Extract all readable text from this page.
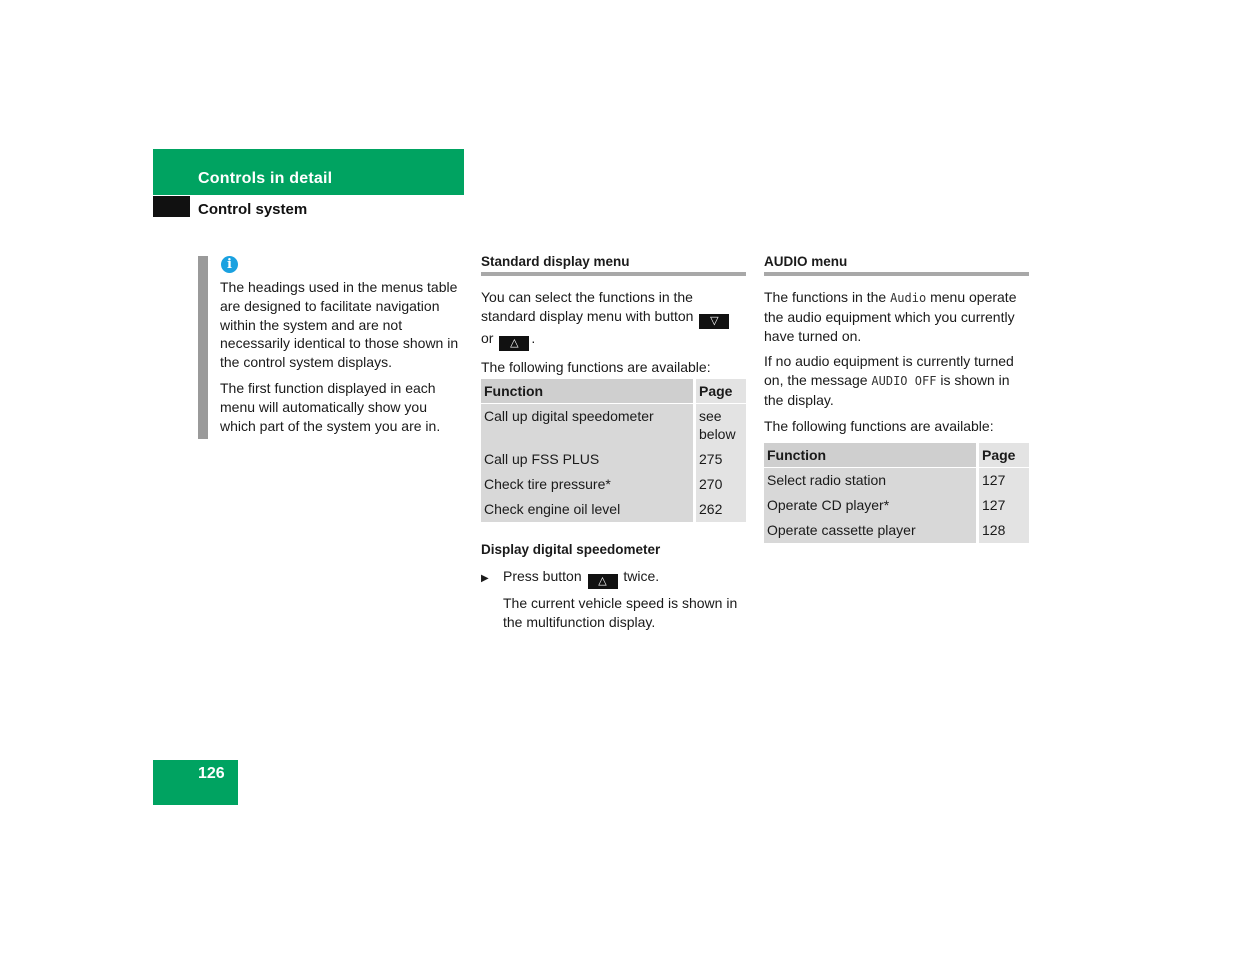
Controls in detail
Control system
i

The headings used in the menus table are designed to facilitate navigation within the system and are not necessarily identical to those shown in the control system displays.

The first function displayed in each menu will automatically show you which part of the system you are in.

Standard display menu

You can select the functions in the standard display menu with button ▽
or △ .

The following functions are available:

Function	Page
Call up digital speedometer	see below
Call up FSS PLUS	275
Check tire pressure*	270
Check engine oil level	262
Display digital speedometer
▶ Press button △ twice.
The current vehicle speed is shown in the multifunction display.
AUDIO menu

The functions in the Audio menu operate the audio equipment which you currently have turned on.

If no audio equipment is currently turned on, the message AUDIO OFF is shown in the display.

The following functions are available:

Function	Page
Select radio station	127
Operate CD player*	127
Operate cassette player	128
126
